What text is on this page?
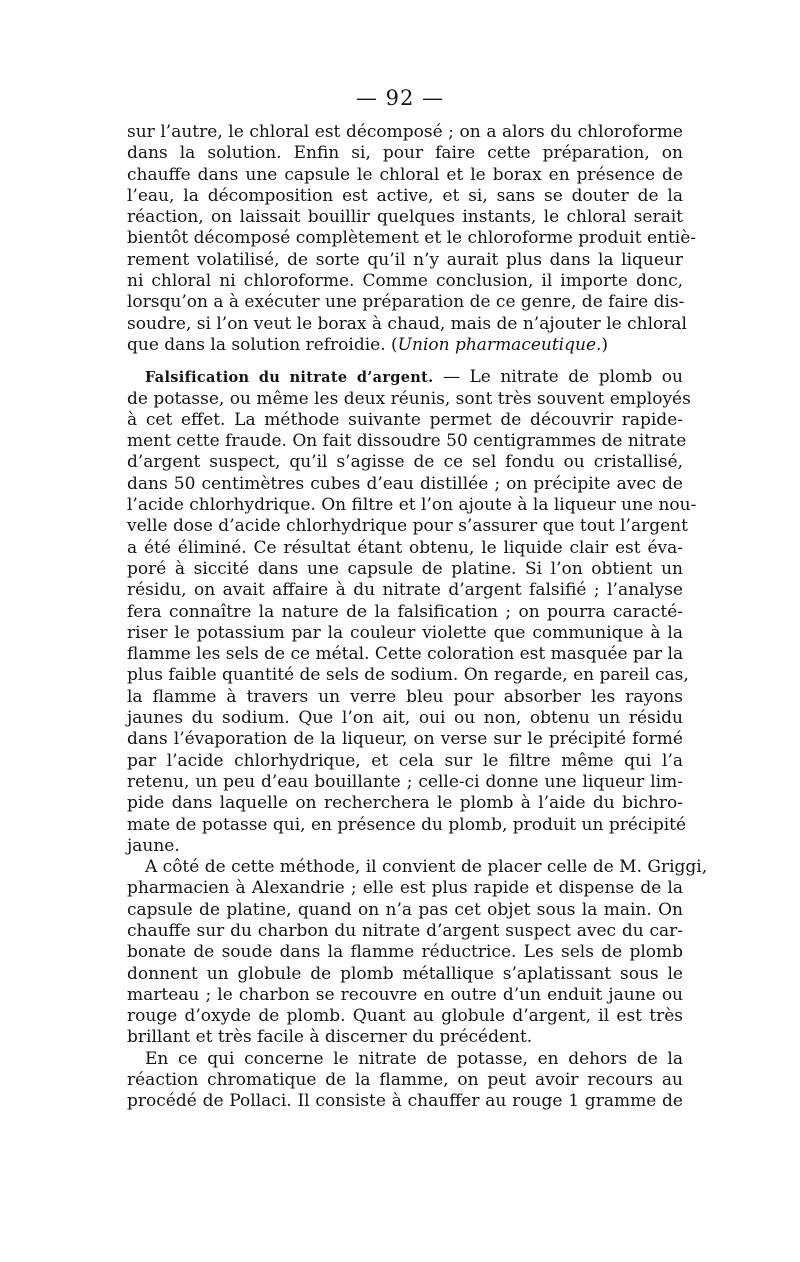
— 92 —
sur l’autre, le chloral est décomposé ; on a alors du chloroforme
dans la solution. Enfin si, pour faire cette préparation, on
chauffe dans une capsule le chloral et le borax en présence de
l’eau, la décomposition est active, et si, sans se douter de la
réaction, on laissait bouillir quelques instants, le chloral serait
bientôt décomposé complètement et le chloroforme produit entiè-
rement volatilisé, de sorte qu’il n’y aurait plus dans la liqueur
ni chloral ni chloroforme. Comme conclusion, il importe donc,
lorsqu’on a à exécuter une préparation de ce genre, de faire dis-
soudre, si l’on veut le borax à chaud, mais de n’ajouter le chloral
que dans la solution refroidie. (Union pharmaceutique.)
Falsification du nitrate d’argent. — Le nitrate de plomb ou
de potasse, ou même les deux réunis, sont très souvent employés
à cet effet. La méthode suivante permet de découvrir rapide-
ment cette fraude. On fait dissoudre 50 centigrammes de nitrate
d’argent suspect, qu’il s’agisse de ce sel fondu ou cristallisé,
dans 50 centimètres cubes d’eau distillée ; on précipite avec de
l’acide chlorhydrique. On filtre et l’on ajoute à la liqueur une nou-
velle dose d’acide chlorhydrique pour s’assurer que tout l’argent
a été éliminé. Ce résultat étant obtenu, le liquide clair est éva-
poré à siccité dans une capsule de platine. Si l’on obtient un
résidu, on avait affaire à du nitrate d’argent falsifié ; l’analyse
fera connaître la nature de la falsification ; on pourra caracté-
riser le potassium par la couleur violette que communique à la
flamme les sels de ce métal. Cette coloration est masquée par la
plus faible quantité de sels de sodium. On regarde, en pareil cas,
la flamme à travers un verre bleu pour absorber les rayons
jaunes du sodium. Que l’on ait, oui ou non, obtenu un résidu
dans l’évaporation de la liqueur, on verse sur le précipité formé
par l’acide chlorhydrique, et cela sur le filtre même qui l’a
retenu, un peu d’eau bouillante ; celle-ci donne une liqueur lim-
pide dans laquelle on recherchera le plomb à l’aide du bichro-
mate de potasse qui, en présence du plomb, produit un précipité
jaune.
A côté de cette méthode, il convient de placer celle de M. Griggi,
pharmacien à Alexandrie ; elle est plus rapide et dispense de la
capsule de platine, quand on n’a pas cet objet sous la main. On
chauffe sur du charbon du nitrate d’argent suspect avec du car-
bonate de soude dans la flamme réductrice. Les sels de plomb
donnent un globule de plomb métallique s’aplatissant sous le
marteau ; le charbon se recouvre en outre d’un enduit jaune ou
rouge d’oxyde de plomb. Quant au globule d’argent, il est très
brillant et très facile à discerner du précédent.
En ce qui concerne le nitrate de potasse, en dehors de la
réaction chromatique de la flamme, on peut avoir recours au
procédé de Pollaci. Il consiste à chauffer au rouge 1 gramme de
